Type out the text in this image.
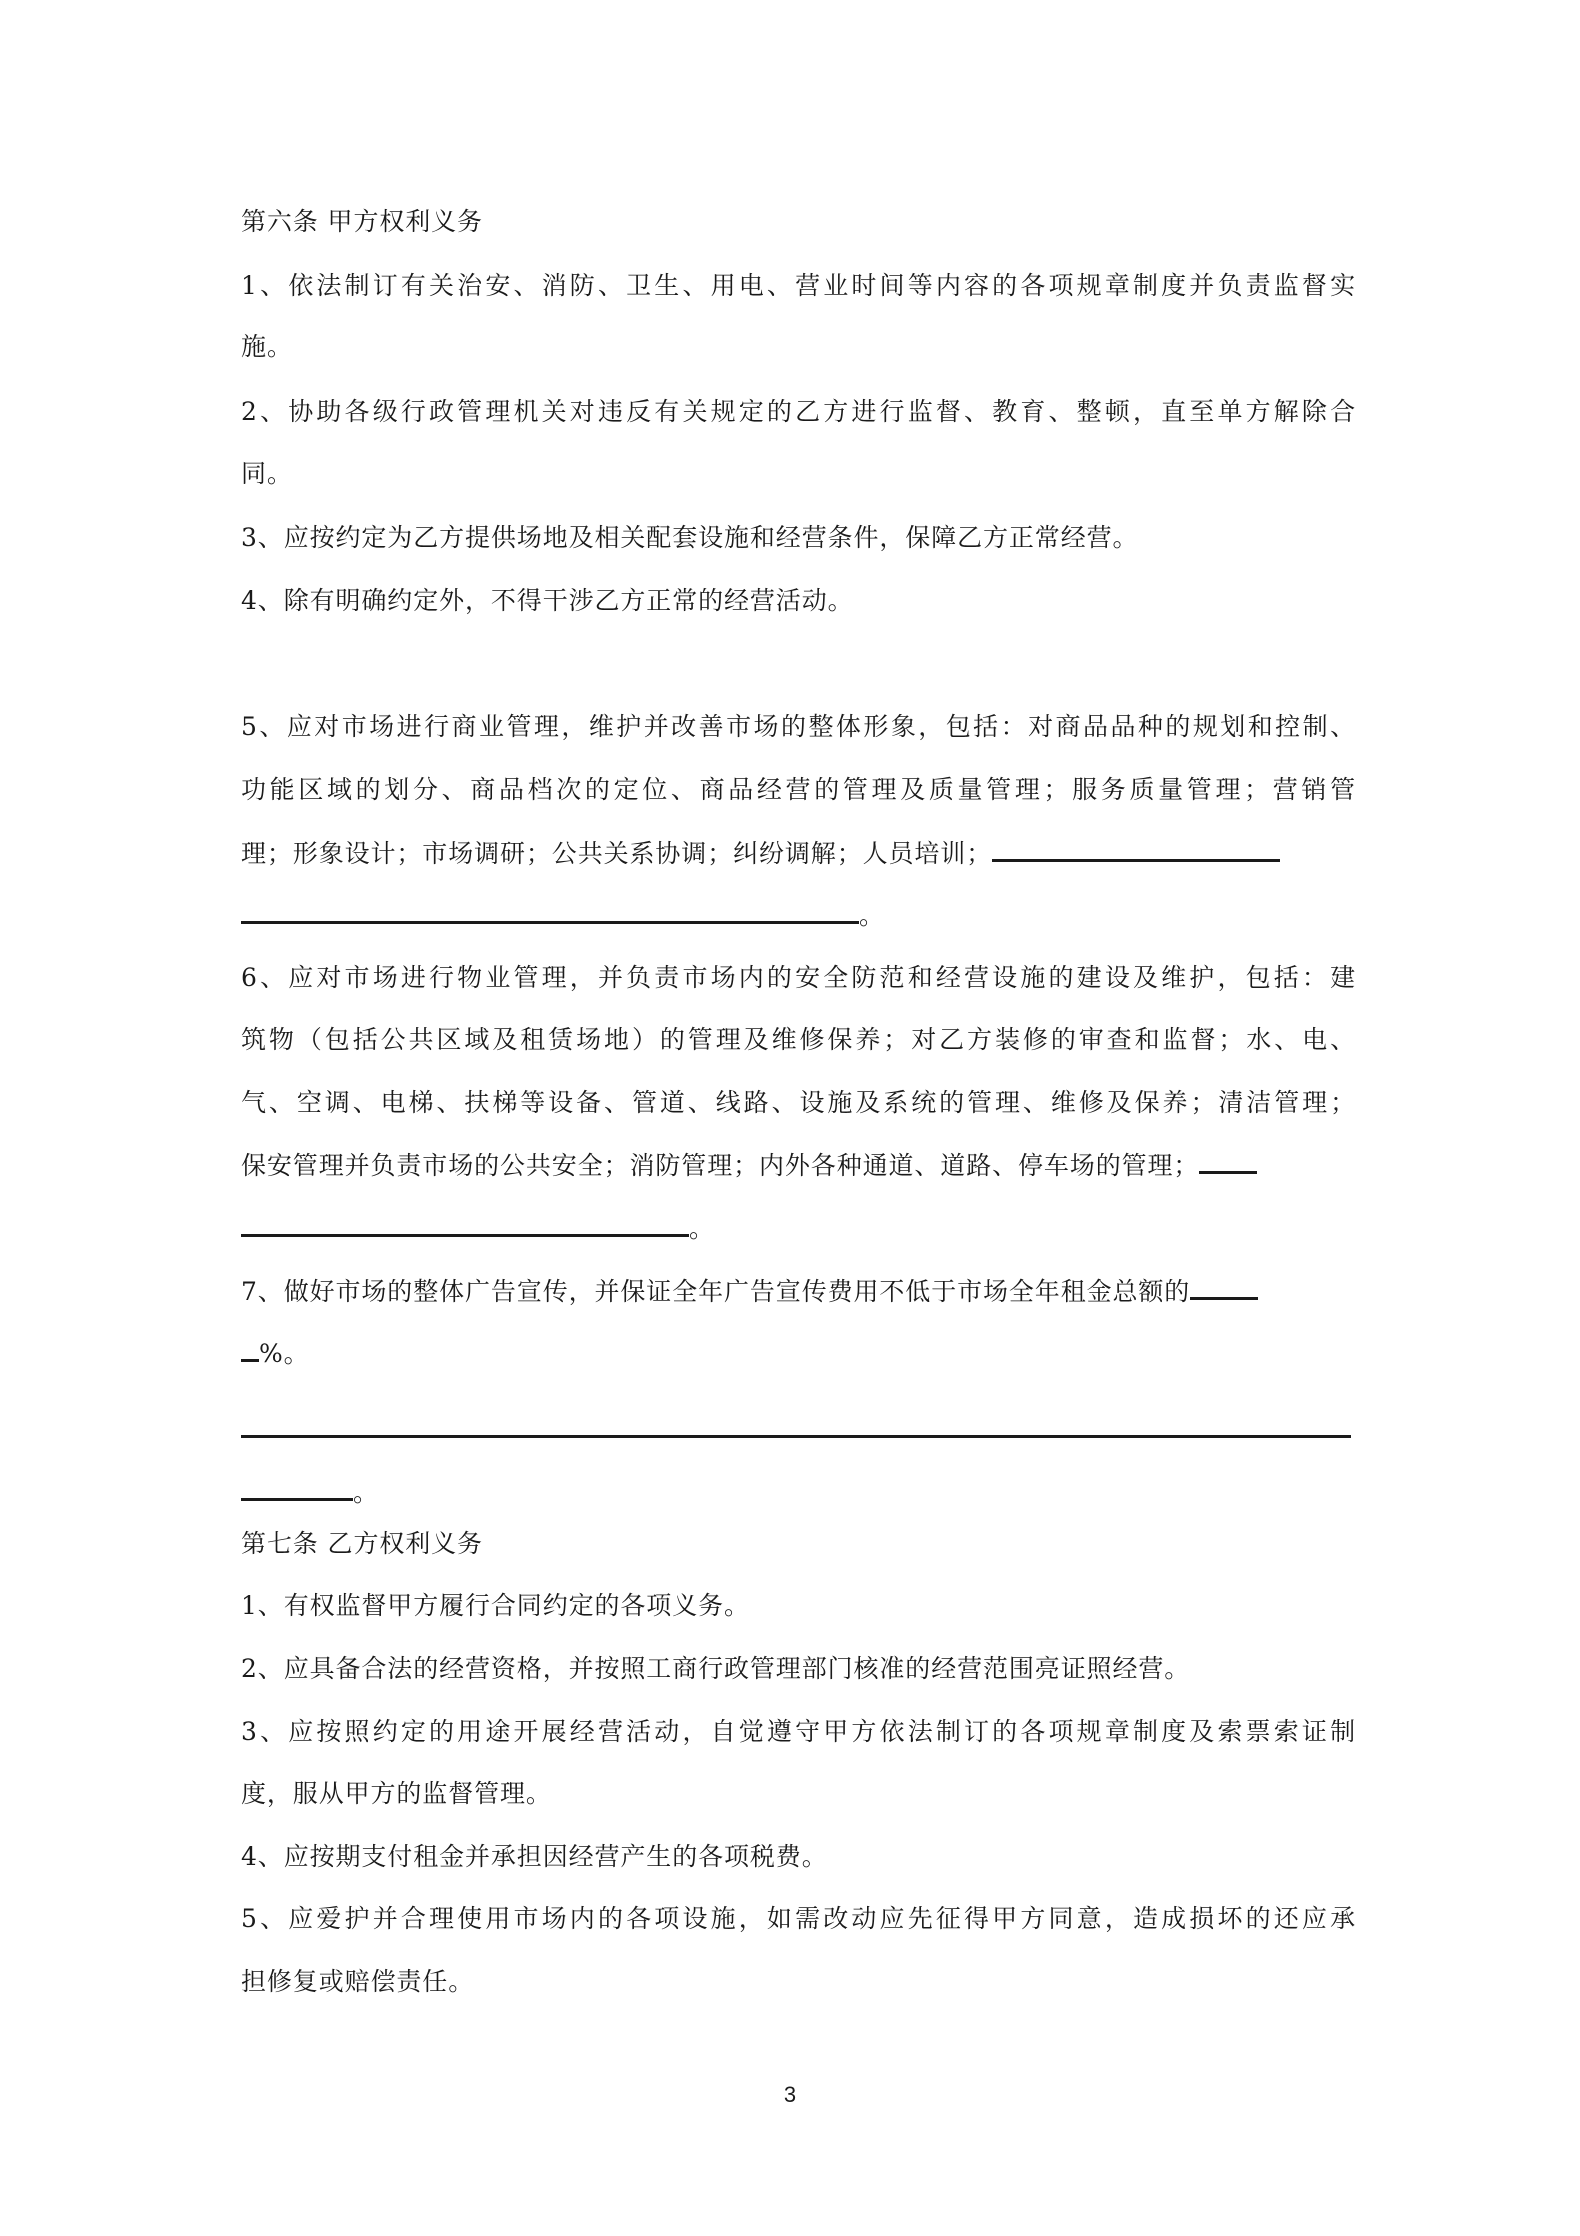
第六条 甲方权利义务
1、依法制订有关治安、消防、卫生、用电、营业时间等内容的各项规章制度并负责监督实
施。
2、协助各级行政管理机关对违反有关规定的乙方进行监督、教育、整顿，直至单方解除合
同。
3、应按约定为乙方提供场地及相关配套设施和经营条件，保障乙方正常经营。
4、除有明确约定外，不得干涉乙方正常的经营活动。
5、应对市场进行商业管理，维护并改善市场的整体形象，包括：对商品品种的规划和控制、
功能区域的划分、商品档次的定位、商品经营的管理及质量管理；服务质量管理；营销管
理；形象设计；市场调研；公共关系协调；纠纷调解；人员培训；
。
6、应对市场进行物业管理，并负责市场内的安全防范和经营设施的建设及维护，包括：建
筑物（包括公共区域及租赁场地）的管理及维修保养；对乙方装修的审查和监督；水、电、
气、空调、电梯、扶梯等设备、管道、线路、设施及系统的管理、维修及保养；清洁管理；
保安管理并负责市场的公共安全；消防管理；内外各种通道、道路、停车场的管理；
。
7、做好市场的整体广告宣传，并保证全年广告宣传费用不低于市场全年租金总额的
%。
。
第七条 乙方权利义务
1、有权监督甲方履行合同约定的各项义务。
2、应具备合法的经营资格，并按照工商行政管理部门核准的经营范围亮证照经营。
3、应按照约定的用途开展经营活动，自觉遵守甲方依法制订的各项规章制度及索票索证制
度，服从甲方的监督管理。
4、应按期支付租金并承担因经营产生的各项税费。
5、应爱护并合理使用市场内的各项设施，如需改动应先征得甲方同意，造成损坏的还应承
担修复或赔偿责任。
3
